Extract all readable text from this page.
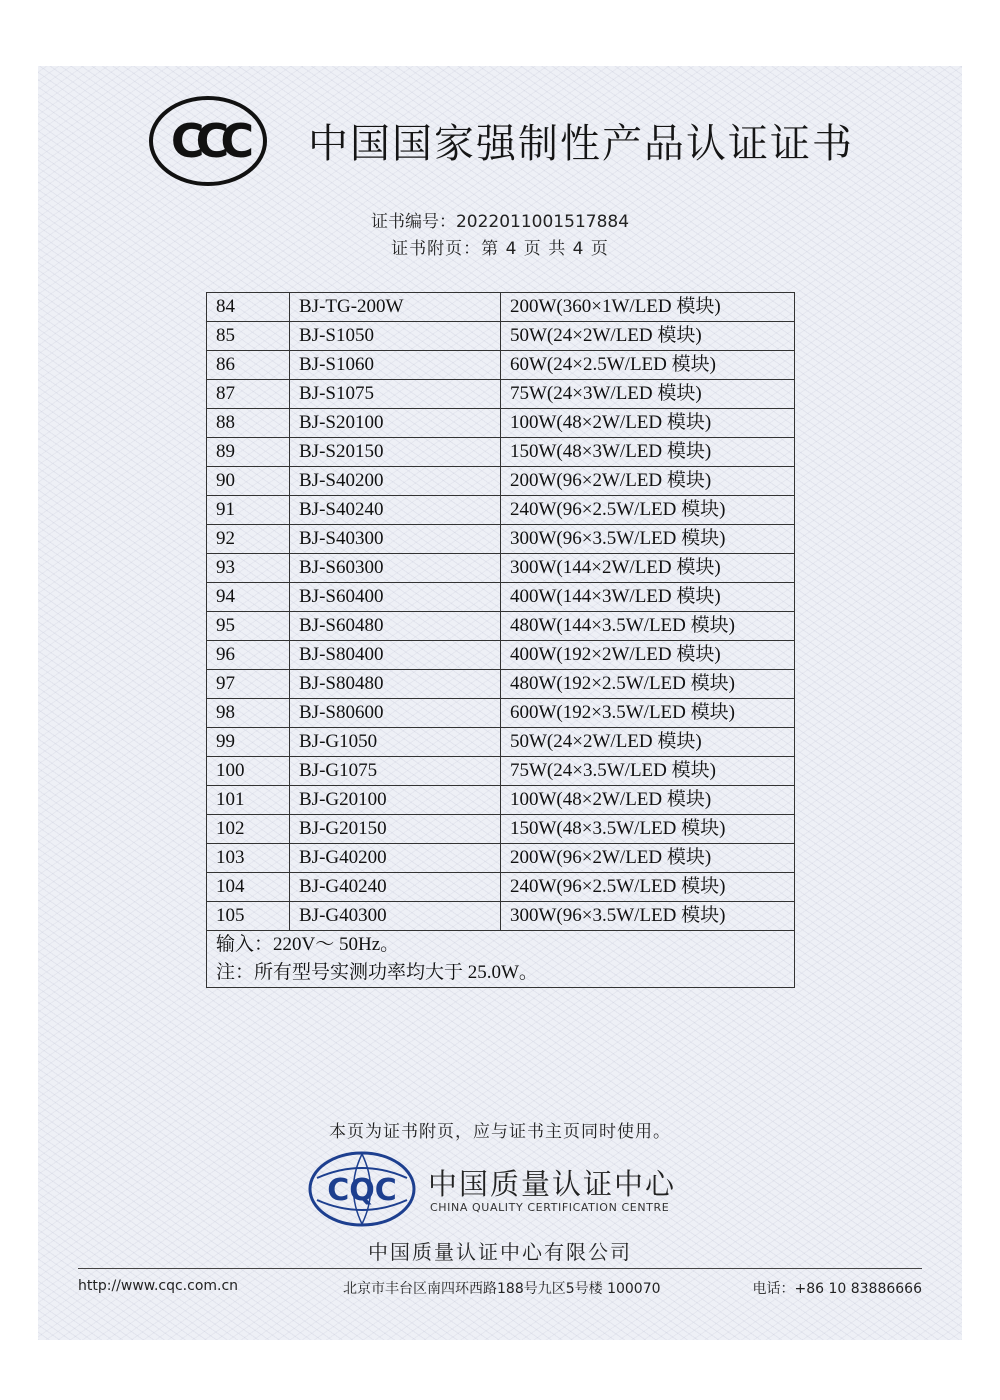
CCC 中国国家强制性产品认证证书
证书编号：2022011001517884
证书附页：第 4 页 共 4 页
84	BJ-TG-200W	200W(360×1W/LED 模块)
85	BJ-S1050	50W(24×2W/LED 模块)
86	BJ-S1060	60W(24×2.5W/LED 模块)
87	BJ-S1075	75W(24×3W/LED 模块)
88	BJ-S20100	100W(48×2W/LED 模块)
89	BJ-S20150	150W(48×3W/LED 模块)
90	BJ-S40200	200W(96×2W/LED 模块)
91	BJ-S40240	240W(96×2.5W/LED 模块)
92	BJ-S40300	300W(96×3.5W/LED 模块)
93	BJ-S60300	300W(144×2W/LED 模块)
94	BJ-S60400	400W(144×3W/LED 模块)
95	BJ-S60480	480W(144×3.5W/LED 模块)
96	BJ-S80400	400W(192×2W/LED 模块)
97	BJ-S80480	480W(192×2.5W/LED 模块)
98	BJ-S80600	600W(192×3.5W/LED 模块)
99	BJ-G1050	50W(24×2W/LED 模块)
100	BJ-G1075	75W(24×3.5W/LED 模块)
101	BJ-G20100	100W(48×2W/LED 模块)
102	BJ-G20150	150W(48×3.5W/LED 模块)
103	BJ-G40200	200W(96×2W/LED 模块)
104	BJ-G40240	240W(96×2.5W/LED 模块)
105	BJ-G40300	300W(96×3.5W/LED 模块)

输入：220V～ 50Hz。
注：所有型号实测功率均大于 25.0W。		
本页为证书附页，应与证书主页同时使用。
CQC 中国质量认证中心
CHINA QUALITY CERTIFICATION CENTRE
中国质量认证中心有限公司
http://www.cqc.com.cn	北京市丰台区南四环西路188号九区5号楼 100070	电话：+86 10 83886666
